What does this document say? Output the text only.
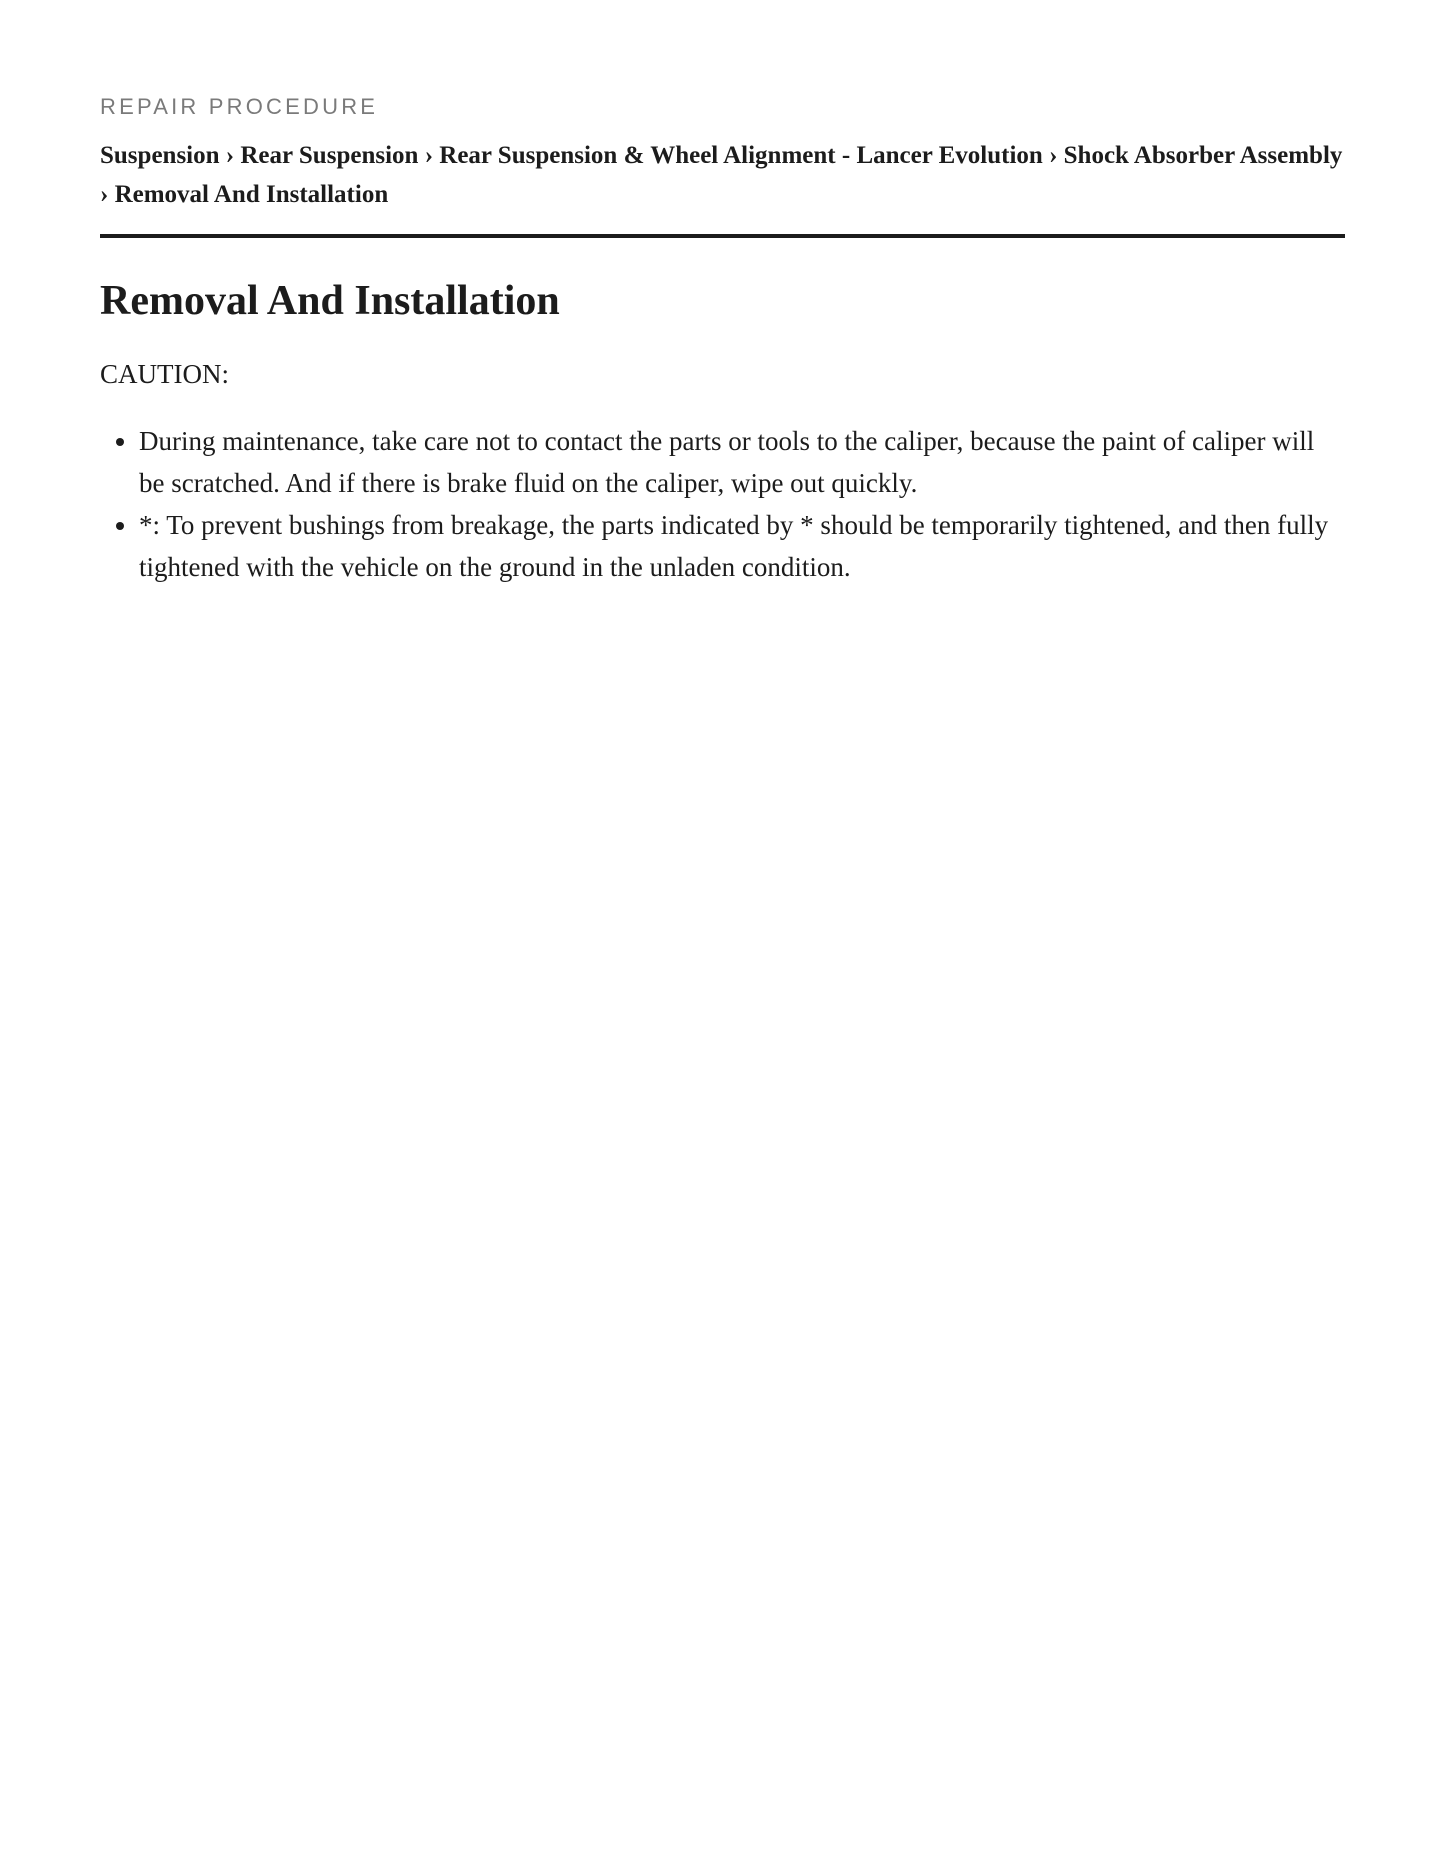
REPAIR PROCEDURE
Suspension › Rear Suspension › Rear Suspension & Wheel Alignment - Lancer Evolution › Shock Absorber Assembly › Removal And Installation
Removal And Installation

CAUTION:

• During maintenance, take care not to contact the parts or tools to the caliper, because the paint of caliper will be scratched. And if there is brake fluid on the caliper, wipe out quickly.
• *: To prevent bushings from breakage, the parts indicated by * should be temporarily tightened, and then fully tightened with the vehicle on the ground in the unladen condition.
